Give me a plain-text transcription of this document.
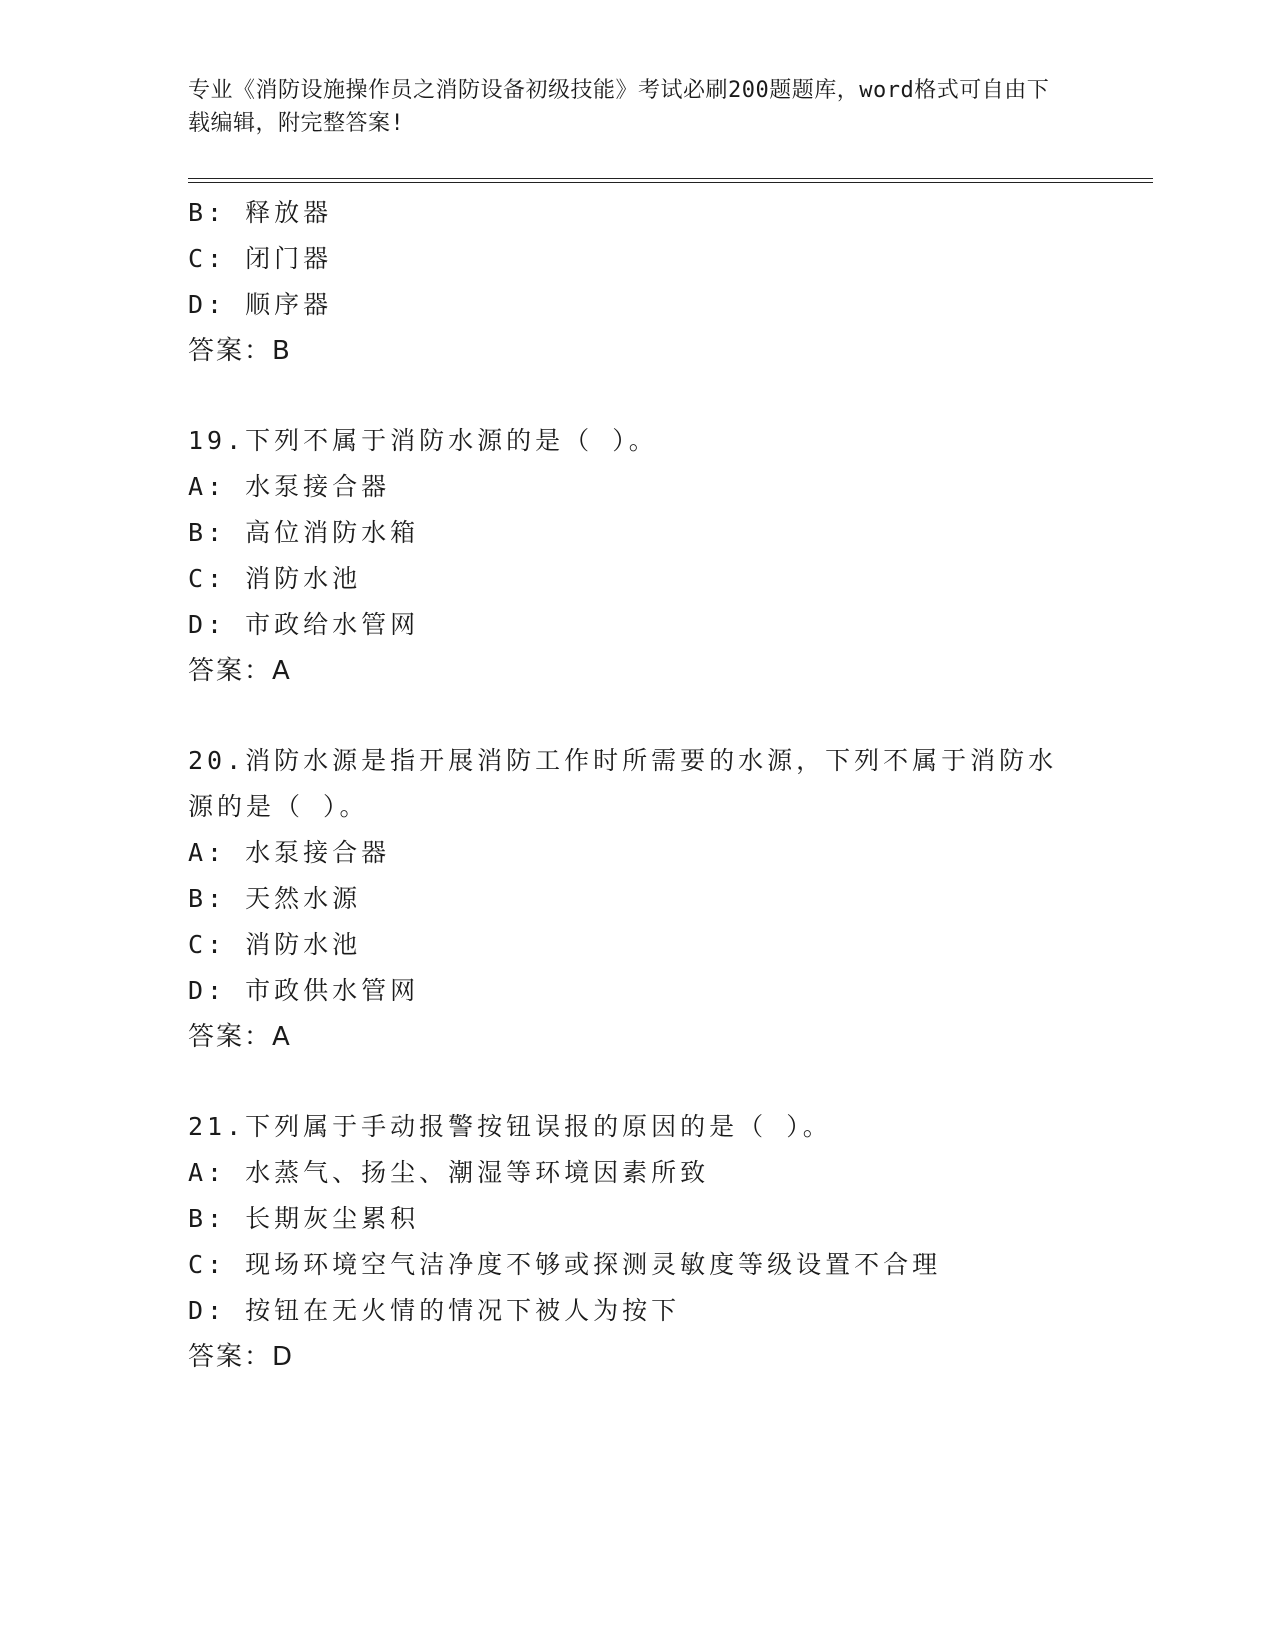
专业《消防设施操作员之消防设备初级技能》考试必刷200题题库，word格式可自由下载编辑，附完整答案!
B: 释放器
C: 闭门器
D: 顺序器
答案：B
19.下列不属于消防水源的是（ ）。
A: 水泵接合器
B: 高位消防水箱
C: 消防水池
D: 市政给水管网
答案：A
20.消防水源是指开展消防工作时所需要的水源，下列不属于消防水源的是（ ）。
A: 水泵接合器
B: 天然水源
C: 消防水池
D: 市政供水管网
答案：A
21.下列属于手动报警按钮误报的原因的是（ ）。
A: 水蒸气、扬尘、潮湿等环境因素所致
B: 长期灰尘累积
C: 现场环境空气洁净度不够或探测灵敏度等级设置不合理
D: 按钮在无火情的情况下被人为按下
答案：D
